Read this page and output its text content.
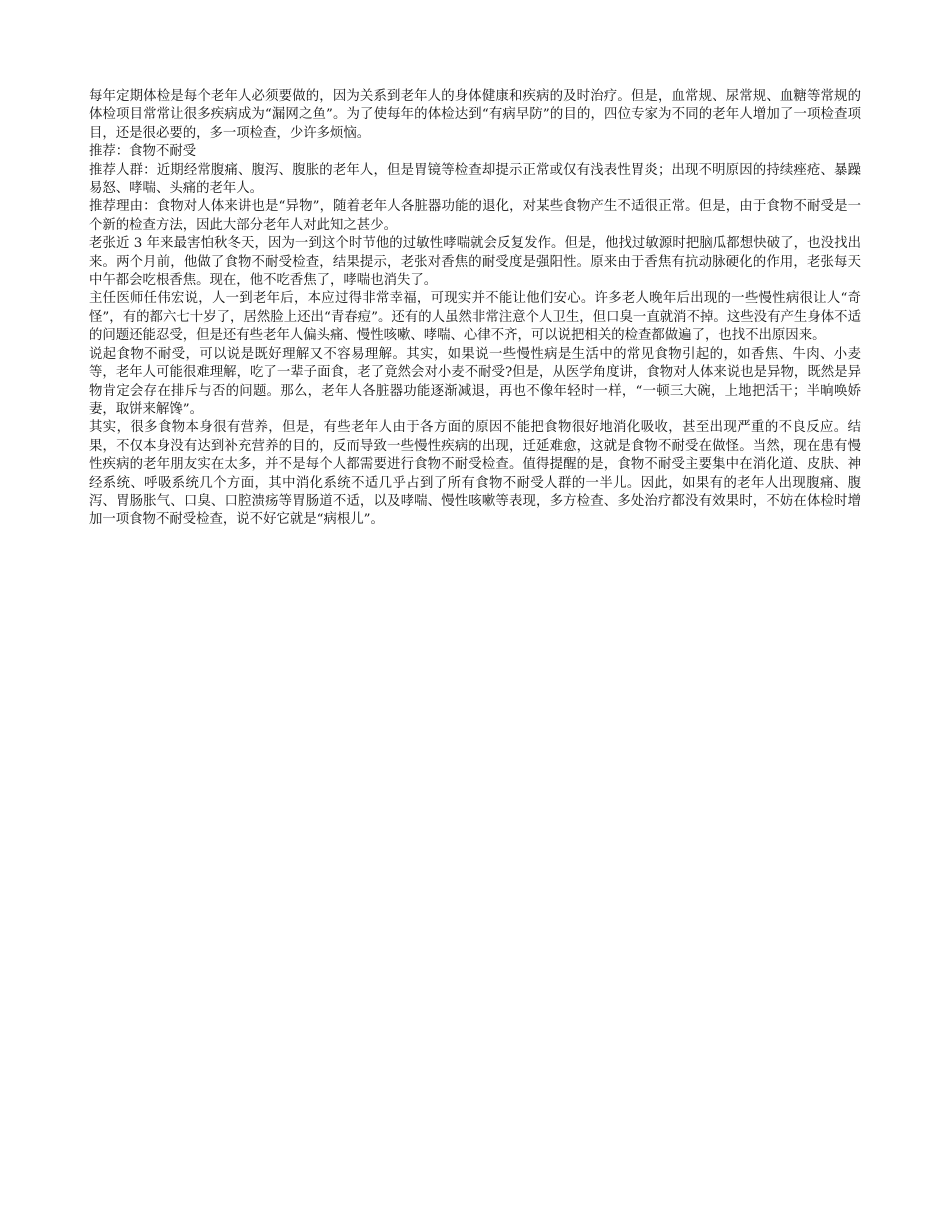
每年定期体检是每个老年人必须要做的，因为关系到老年人的身体健康和疾病的及时治疗。但是，血常规、尿常规、血糖等常规的体检项目常常让很多疾病成为“漏网之鱼”。为了使每年的体检达到“有病早防”的目的，四位专家为不同的老年人增加了一项检查项目，还是很必要的，多一项检查，少许多烦恼。

推荐：食物不耐受

推荐人群：近期经常腹痛、腹泻、腹胀的老年人，但是胃镜等检查却提示正常或仅有浅表性胃炎；出现不明原因的持续痤疮、暴躁易怒、哮喘、头痛的老年人。

推荐理由：食物对人体来讲也是“异物”，随着老年人各脏器功能的退化，对某些食物产生不适很正常。但是，由于食物不耐受是一个新的检查方法，因此大部分老年人对此知之甚少。

老张近 3 年来最害怕秋冬天，因为一到这个时节他的过敏性哮喘就会反复发作。但是，他找过敏源时把脑瓜都想快破了，也没找出来。两个月前，他做了食物不耐受检查，结果提示，老张对香焦的耐受度是强阳性。原来由于香焦有抗动脉硬化的作用，老张每天中午都会吃根香焦。现在，他不吃香焦了，哮喘也消失了。

主任医师任伟宏说，人一到老年后，本应过得非常幸福，可现实并不能让他们安心。许多老人晚年后出现的一些慢性病很让人“奇怪”，有的都六七十岁了，居然脸上还出“青春痘”。还有的人虽然非常注意个人卫生，但口臭一直就消不掉。这些没有产生身体不适的问题还能忍受，但是还有些老年人偏头痛、慢性咳嗽、哮喘、心律不齐，可以说把相关的检查都做遍了，也找不出原因来。

说起食物不耐受，可以说是既好理解又不容易理解。其实，如果说一些慢性病是生活中的常见食物引起的，如香焦、牛肉、小麦等，老年人可能很难理解，吃了一辈子面食，老了竟然会对小麦不耐受?但是，从医学角度讲，食物对人体来说也是异物，既然是异物肯定会存在排斥与否的问题。那么，老年人各脏器功能逐渐减退，再也不像年轻时一样，“一顿三大碗，上地把活干；半晌唤娇妻，取饼来解馋”。

其实，很多食物本身很有营养，但是，有些老年人由于各方面的原因不能把食物很好地消化吸收，甚至出现严重的不良反应。结果，不仅本身没有达到补充营养的目的，反而导致一些慢性疾病的出现，迁延难愈，这就是食物不耐受在做怪。当然，现在患有慢性疾病的老年朋友实在太多，并不是每个人都需要进行食物不耐受检查。值得提醒的是，食物不耐受主要集中在消化道、皮肤、神经系统、呼吸系统几个方面，其中消化系统不适几乎占到了所有食物不耐受人群的一半儿。因此，如果有的老年人出现腹痛、腹泻、胃肠胀气、口臭、口腔溃疡等胃肠道不适，以及哮喘、慢性咳嗽等表现，多方检查、多处治疗都没有效果时，不妨在体检时增加一项食物不耐受检查，说不好它就是“病根儿”。
